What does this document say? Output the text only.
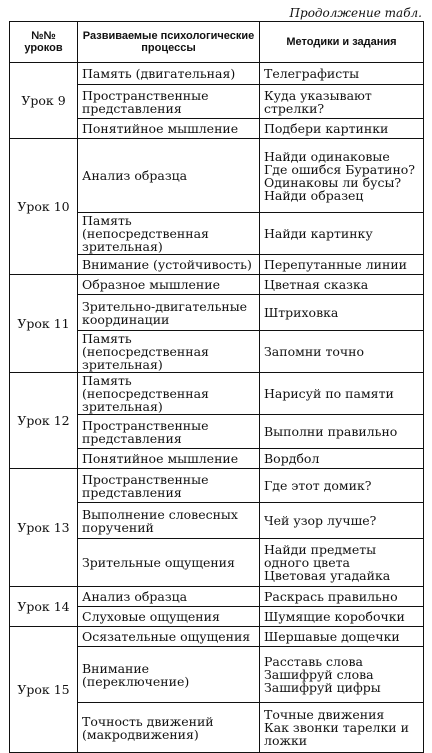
Продолжение табл.
№№ уроков	Развиваемые психологические процессы	Методики и задания
Урок 9	Память (двигательная)	Телеграфисты

	Пространственные представления	Куда указывают стрелки?

	Понятийное мышление	Подбери картинки

Урок 10	Анализ образца	Найди одинаковые
Где ошибся Буратино?
Одинаковы ли бусы?
Найди образец

	Память (непосредственная зрительная)	Найди картинку

	Внимание (устойчивость)	Перепутанные линии

Урок 11	Образное мышление	Цветная сказка

	Зрительно-двигательные координации	Штриховка

	Память (непосредственная зрительная)	Запомни точно

Урок 12	Память (непосредственная зрительная)	Нарисуй по памяти

	Пространственные представления	Выполни правильно

	Понятийное мышление	Вордбол

Урок 13	Пространственные представления	Где этот домик?

	Выполнение словесных поручений	Чей узор лучше?

	Зрительные ощущения	Найди предметы одного цвета
Цветовая угадайка

Урок 14	Анализ образца	Раскрась правильно

	Слуховые ощущения	Шумящие коробочки

Урок 15	Осязательные ощущения	Шершавые дощечки

	Внимание (переключение)	Расставь слова
Зашифруй слова
Зашифруй цифры

	Точность движений (макродвижения)	Точные движения
Как звонки тарелки и ложки
